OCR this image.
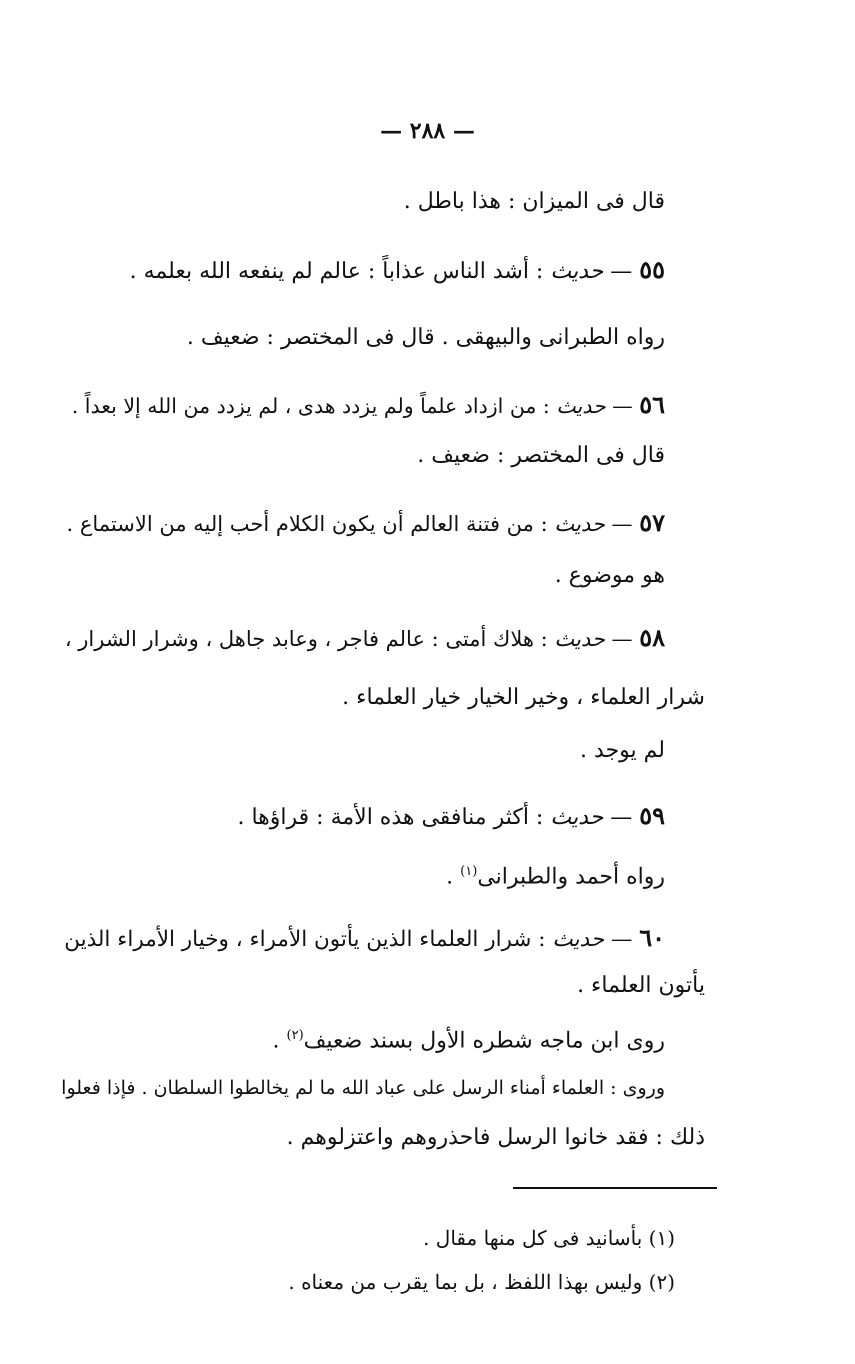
— ٢٨٨ —
قال فى الميزان : هذا باطل .
٥٥ — حديث : أشد الناس عذاباً : عالم لم ينفعه الله بعلمه .
رواه الطبرانى والبيهقى . قال فى المختصر : ضعيف .
٥٦ — حديث : من ازداد علماً ولم يزدد هدى ، لم يزدد من الله إلا بعداً .
قال فى المختصر : ضعيف .
٥٧ — حديث : من فتنة العالم أن يكون الكلام أحب إليه من الاستماع .
هو موضوع .
٥٨ — حديث : هلاك أمتى : عالم فاجر ، وعابد جاهل ، وشرار الشرار ،
شرار العلماء ، وخير الخيار خيار العلماء .
لم يوجد .
٥٩ — حديث : أكثر منافقى هذه الأمة : قراؤها .
رواه أحمد والطبرانى$^{(١)}$ .
٦٠ — حديث : شرار العلماء الذين يأتون الأمراء ، وخيار الأمراء الذين
يأتون العلماء .
روى ابن ماجه شطره الأول بسند ضعيف$^{(٢)}$ .
وروى : العلماء أمناء الرسل على عباد الله ما لم يخالطوا السلطان . فإذا فعلوا
ذلك : فقد خانوا الرسل فاحذروهم واعتزلوهم .
(١) بأسانيد فى كل منها مقال .
(٢) وليس بهذا اللفظ ، بل بما يقرب من معناه .
